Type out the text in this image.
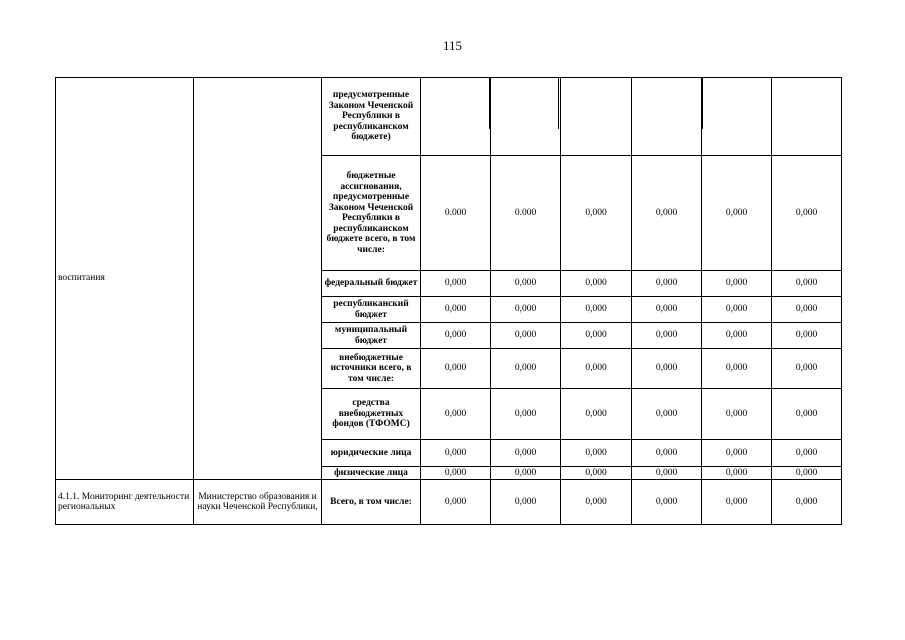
115
воспитания		предусмотренные Законом Чеченской Республики в республиканском бюджете)						
		бюджетные ассигнования, предусмотренные Законом Чеченской Республики в республиканском бюджете всего, в том числе:	0.000	0.000	0,000	0,000	0,000	0,000
		федеральный бюджет	0,000	0,000	0,000	0,000	0,000	0,000
		республиканский бюджет	0,000	0,000	0,000	0,000	0,000	0,000
		муниципальный бюджет	0,000	0,000	0,000	0,000	0,000	0,000
		внебюджетные источники всего, в том числе:	0,000	0,000	0,000	0,000	0,000	0,000
		средства внебюджетных фондов (ТФОМС)	0,000	0,000	0,000	0,000	0,000	0,000
		юридические лица	0,000	0,000	0,000	0,000	0,000	0,000
		физические лица	0,000	0,000	0,000	0,000	0,000	0,000
4.1.1. Мониторинг деятельности региональных	Министерство образования и науки Чеченской Республики,	Всего, в том числе:	0,000	0,000	0,000	0,000	0,000	0,000
